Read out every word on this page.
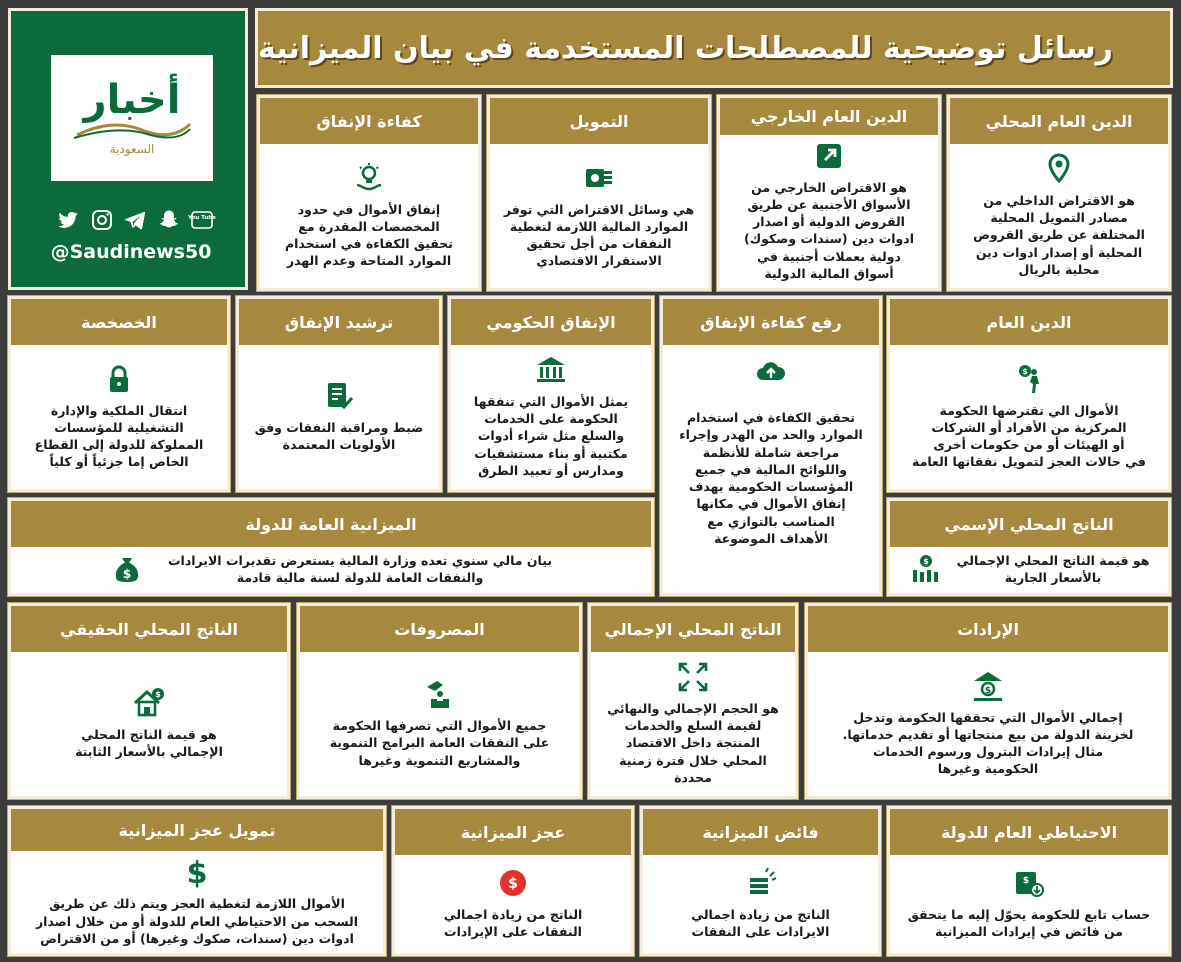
رسائل توضيحية للمصطلحات المستخدمة في بيان الميزانية
أخبار
السعودية
You Tube
@Saudinews50
الدين العام المحلي

هو الاقتراض الداخلي من
مصادر التمويل المحلية
المختلفة عن طريق القروض
المحلية أو إصدار ادوات دين
محلية بالريال

الدين العام الخارجي

هو الاقتراض الخارجي من
الأسواق الأجنبية عن طريق
القروض الدولية أو اصدار
ادوات دين (سندات وصكوك)
دولية بعملات أجنبية في
أسواق المالية الدولية

التمويل

هي وسائل الاقتراض التي توفر
الموارد المالية اللازمة لتغطية
النفقات من أجل تحقيق
الاستقرار الاقتصادي

كفاءة الإنفاق

إنفاق الأموال في حدود
المخصصات المقدرة مع
تحقيق الكفاءة في استخدام
الموارد المتاحة وعدم الهدر

الدين العام
$

الأموال الي تقترضها الحكومة
المركزية من الأفراد أو الشركات
أو الهيئات أو من حكومات أخرى
في حالات العجز لتمويل نفقاتها العامة

رفع كفاءة الإنفاق

تحقيق الكفاءة في استخدام
الموارد والحد من الهدر وإجراء
مراجعة شاملة للأنظمة
واللوائح المالية في جميع
المؤسسات الحكومية بهدف
إنفاق الأموال في مكانها
المناسب بالتوازي مع
الأهداف الموضوعة

الإنفاق الحكومي

يمثل الأموال التي تنفقها
الحكومة على الخدمات
والسلع مثل شراء أدوات
مكتبية أو بناء مستشفيات
ومدارس أو تعبيد الطرق

ترشيد الإنفاق

ضبط ومراقبة النفقات وفق
الأولويات المعتمدة

الخصخصة

انتقال الملكية والإدارة
التشغيلية للمؤسسات
المملوكة للدولة إلى القطاع
الخاص إما جزئياً أو كلياً

الميزانية العامة للدولة

بيان مالي سنوي تعده وزارة المالية يستعرض تقديرات الايرادات
والنفقات العامة للدولة لسنة مالية قادمة

$
الناتج المحلي الإسمي

هو قيمة الناتج المحلي الإجمالي
بالأسعار الجارية

$
الإرادات
$

إجمالي الأموال التي تحققها الحكومة وتدخل
لخزينة الدولة من بيع منتجاتها أو تقديم خدماتها.
مثال إيرادات البترول ورسوم الخدمات
الحكومية وغيرها

الناتج المحلي الإجمالي

هو الحجم الإجمالي والنهائي
لقيمة السلع والخدمات
المنتجة داخل الاقتصاد
المحلي خلال فترة زمنية
محددة

المصروفات

جميع الأموال التي تصرفها الحكومة
على النفقات العامة البرامج التنموية
والمشاريع التنموية وغيرها

الناتج المحلي الحقيقي
$

هو قيمة الناتج المحلي
الإجمالي بالأسعار الثابتة

الاحتياطي العام للدولة
$

حساب تابع للحكومة يحوّل إليه ما يتحقق
من فائض في إيرادات الميزانية

فائض الميزانية

الناتج من زيادة اجمالي
الايرادات على النفقات

عجز الميزانية
$

الناتج من زيادة اجمالي
النفقات على الإيرادات

تمويل عجز الميزانية
$

الأموال اللازمة لتغطية العجز ويتم ذلك عن طريق
السحب من الاحتياطي العام للدولة أو من خلال اصدار
ادوات دين (سندات، صكوك وغيرها) أو من الاقتراض
